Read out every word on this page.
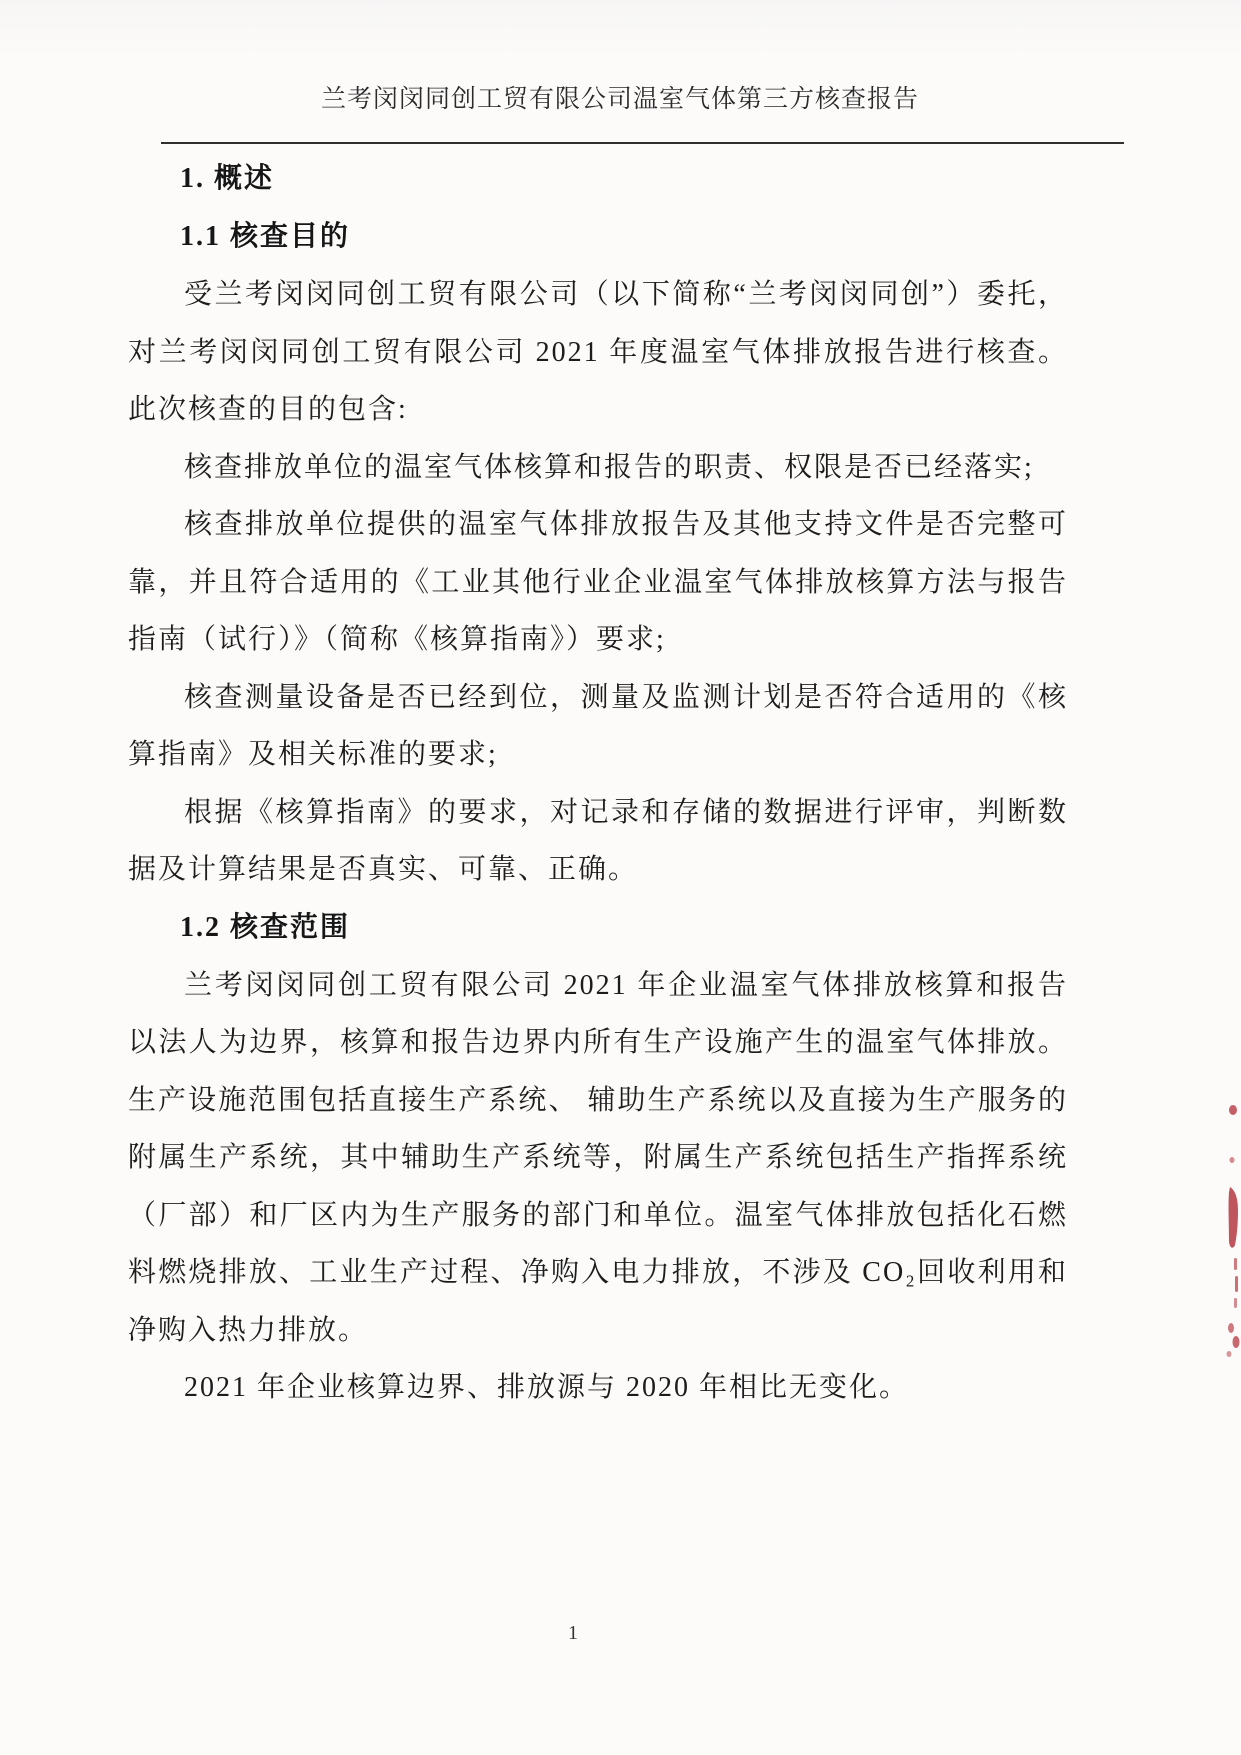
兰考闵闵同创工贸有限公司温室气体第三方核查报告

1. 概述

1.1 核查目的

受兰考闵闵同创工贸有限公司（以下简称“兰考闵闵同创”）委托，对兰考闵闵同创工贸有限公司 2021 年度温室气体排放报告进行核查。此次核查的目的包含:

核查排放单位的温室气体核算和报告的职责、权限是否已经落实;

核查排放单位提供的温室气体排放报告及其他支持文件是否完整可靠，并且符合适用的《工业其他行业企业温室气体排放核算方法与报告指南（试行）》（简称《核算指南》）要求;

核查测量设备是否已经到位，测量及监测计划是否符合适用的《核算指南》及相关标准的要求;

根据《核算指南》的要求，对记录和存储的数据进行评审，判断数据及计算结果是否真实、可靠、正确。

1.2 核查范围

兰考闵闵同创工贸有限公司 2021 年企业温室气体排放核算和报告以法人为边界，核算和报告边界内所有生产设施产生的温室气体排放。生产设施范围包括直接生产系统、 辅助生产系统以及直接为生产服务的附属生产系统，其中辅助生产系统等，附属生产系统包括生产指挥系统（厂部）和厂区内为生产服务的部门和单位。温室气体排放包括化石燃料燃烧排放、工业生产过程、净购入电力排放，不涉及 CO₂回收利用和净购入热力排放。

2021 年企业核算边界、排放源与 2020 年相比无变化。

1
